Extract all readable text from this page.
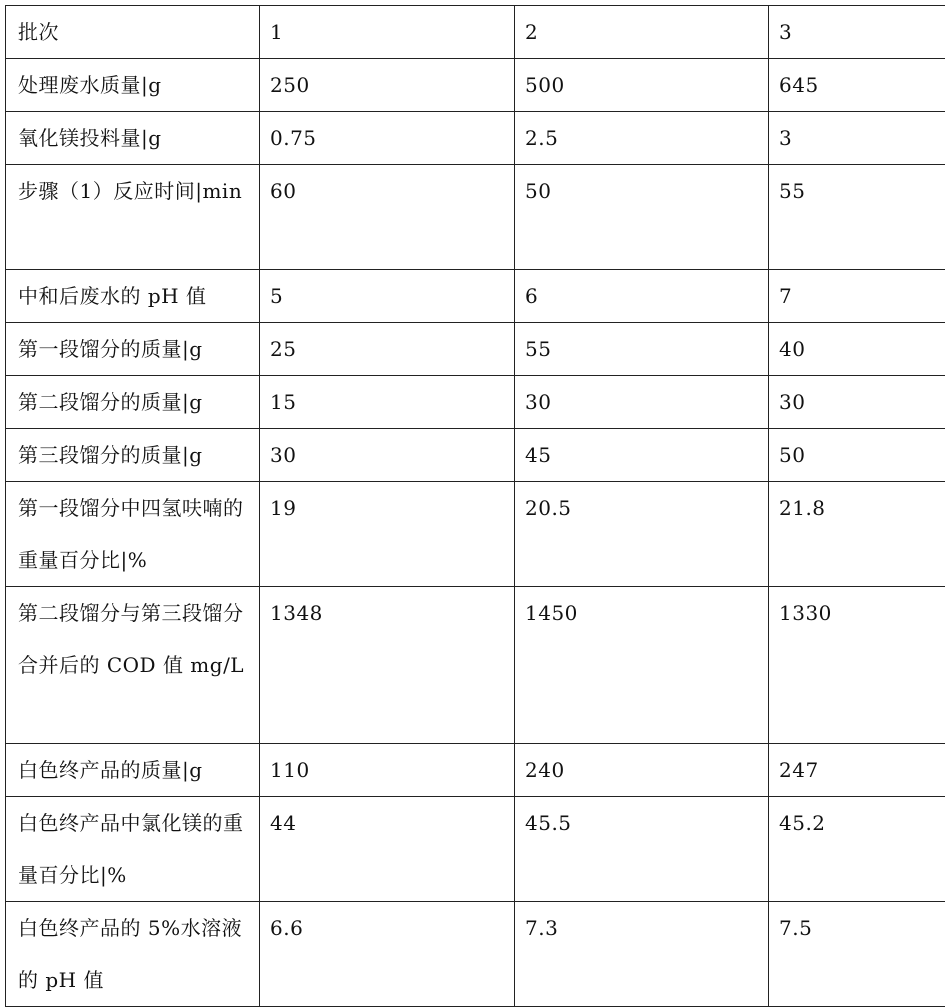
批次	1	2	3

处理废水质量|g	250	500	645

氧化镁投料量|g	0.75	2.5	3

步骤（1）反应时间|min	60	50	55

中和后废水的 pH 值	5	6	7

第一段馏分的质量|g	25	55	40

第二段馏分的质量|g	15	30	30

第三段馏分的质量|g	30	45	50

第一段馏分中四氢呋喃的重量百分比|%	19	20.5	21.8

第二段馏分与第三段馏分合并后的 COD 值 mg/L	1348	1450	1330

白色终产品的质量|g	110	240	247

白色终产品中氯化镁的重量百分比|%	44	45.5	45.2

白色终产品的 5%水溶液的 pH 值	6.6	7.3	7.5
